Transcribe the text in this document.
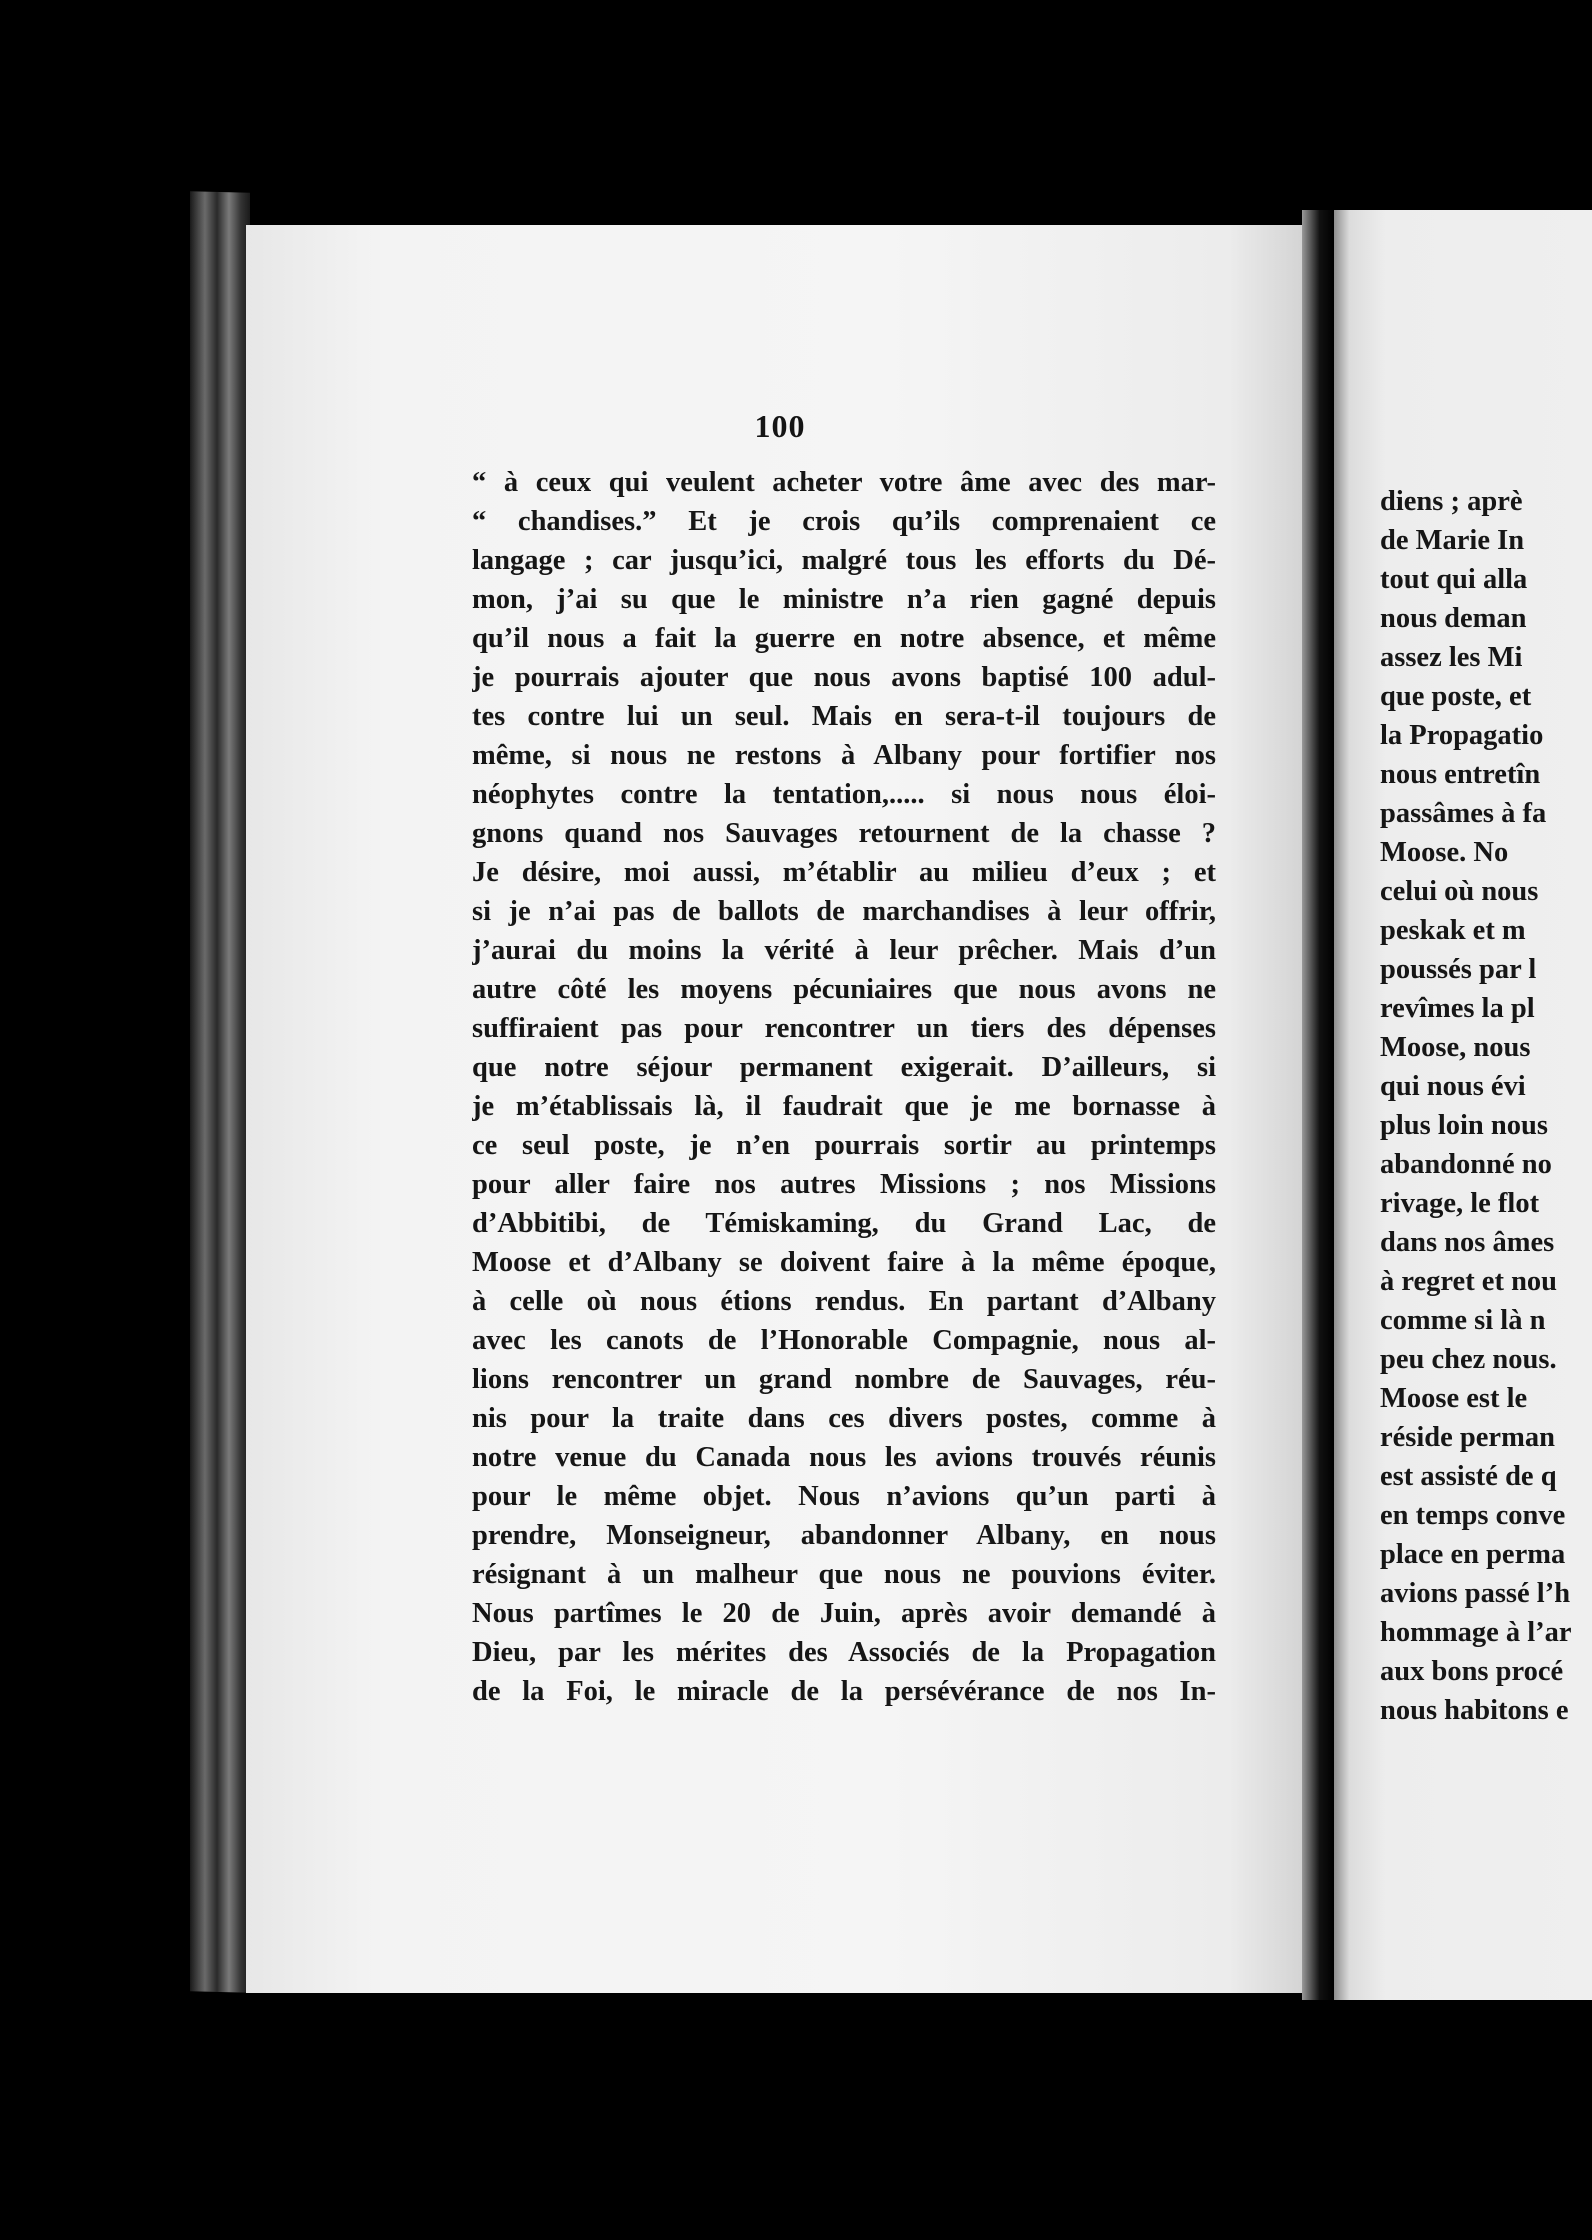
100
“ à ceux qui veulent acheter votre âme avec des mar-
“ chandises.” Et je crois qu’ils comprenaient ce
langage ; car jusqu’ici, malgré tous les efforts du Dé-
mon, j’ai su que le ministre n’a rien gagné depuis
qu’il nous a fait la guerre en notre absence, et même
je pourrais ajouter que nous avons baptisé 100 adul-
tes contre lui un seul. Mais en sera-t-il toujours de
même, si nous ne restons à Albany pour fortifier nos
néophytes contre la tentation,..... si nous nous éloi-
gnons quand nos Sauvages retournent de la chasse ?
Je désire, moi aussi, m’établir au milieu d’eux ; et
si je n’ai pas de ballots de marchandises à leur offrir,
j’aurai du moins la vérité à leur prêcher. Mais d’un
autre côté les moyens pécuniaires que nous avons ne
suffiraient pas pour rencontrer un tiers des dépenses
que notre séjour permanent exigerait. D’ailleurs, si
je m’établissais là, il faudrait que je me bornasse à
ce seul poste, je n’en pourrais sortir au printemps
pour aller faire nos autres Missions ; nos Missions
d’Abbitibi, de Témiskaming, du Grand Lac, de
Moose et d’Albany se doivent faire à la même époque,
à celle où nous étions rendus. En partant d’Albany
avec les canots de l’Honorable Compagnie, nous al-
lions rencontrer un grand nombre de Sauvages, réu-
nis pour la traite dans ces divers postes, comme à
notre venue du Canada nous les avions trouvés réunis
pour le même objet. Nous n’avions qu’un parti à
prendre, Monseigneur, abandonner Albany, en nous
résignant à un malheur que nous ne pouvions éviter.
Nous partîmes le 20 de Juin, après avoir demandé à
Dieu, par les mérites des Associés de la Propagation
de la Foi, le miracle de la persévérance de nos In-
diens ; aprè
de Marie In
tout qui alla
nous deman
assez les Mi
que poste, et
la Propagatio
nous entretîn
passâmes à fa
Moose. No
celui où nous
peskak et m
poussés par l
revîmes la pl
Moose, nous
qui nous évi
plus loin nous
abandonné no
rivage, le flot
dans nos âmes
à regret et nou
comme si là n
peu chez nous.
Moose est le
réside perman
est assisté de q
en temps conve
place en perma
avions passé l’h
hommage à l’ar
aux bons procé
nous habitons e
